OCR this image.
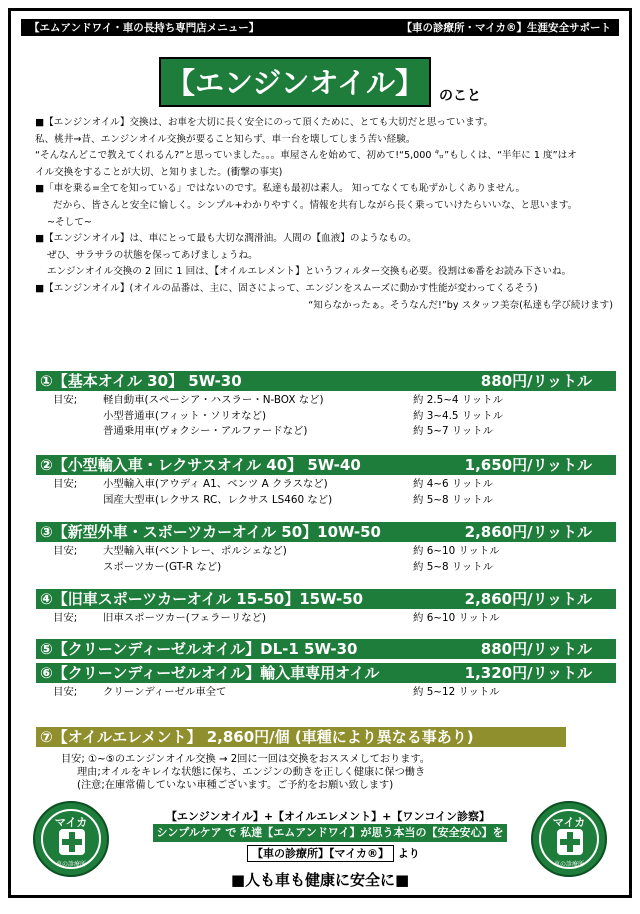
【エムアンドワイ・車の長持ち専門店メニュー】	【車の診療所・マイカ®】生涯安全サポート
【エンジンオイル】	のこと
■【エンジンオイル】交換は、お車を大切に長く安全にのって頂くために、とても大切だと思っています。
私、桃井→昔、エンジンオイル交換が要ること知らず、車一台を壊してしまう苦い経験。
“そんなんどこで教えてくれるん?”と思っていました。。。車屋さんを始めて、初めて!“5,000 ㌔”もしくは、“半年に 1 度”はオ
イル交換をすることが大切、と知りました。(衝撃の事実)
■「車を乗る=全てを知っている」ではないのです。私達も最初は素人。 知ってなくても恥ずかしくありません。
だから、皆さんと安全に愉しく。シンプル+わかりやすく。情報を共有しながら長く乗っていけたらいいな、と思います。
~そして~
■【エンジンオイル】は、車にとって最も大切な潤滑油。人間の【血液】のようなもの。
ぜひ、サラサラの状態を保ってあげましょうね。
エンジンオイル交換の 2 回に 1 回は、【オイルエレメント】というフィルター交換も必要。役割は⑥番をお読み下さいね。
■【エンジンオイル】(オイルの品番は、主に、固さによって、エンジンをスムーズに動かす性能が変わってくるそう)
“知らなかったぁ。そうなんだ!”by スタッフ美奈(私達も学び続けます)
①【基本オイル 30】 5W-30	880円/リットル
目安;	軽自動車(スペーシア・ハスラー・N-BOX など)	約 2.5~4 リットル
小型普通車(フィット・ソリオなど)	約 3~4.5 リットル
普通乗用車(ヴォクシー・アルファードなど)	約 5~7 リットル
②【小型輸入車・レクサスオイル 40】 5W-40	1,650円/リットル
目安;	小型輸入車(アウディ A1、ベンツ A クラスなど)	約 4~6 リットル
国産大型車(レクサス RC、レクサス LS460 など)	約 5~8 リットル
③【新型外車・スポーツカーオイル 50】10W-50	2,860円/リットル
目安;	大型輸入車(ベントレー、ポルシェなど)	約 6~10 リットル
スポーツカー(GT-R など)	約 5~8 リットル
④【旧車スポーツカーオイル 15-50】15W-50	2,860円/リットル
目安;	旧車スポーツカー(フェラーリなど)	約 6~10 リットル
⑤【クリーンディーゼルオイル】DL-1 5W-30	880円/リットル
⑥【クリーンディーゼルオイル】輸入車専用オイル	1,320円/リットル
目安;	クリーンディーゼル車全て	約 5~12 リットル
⑦【オイルエレメント】 2,860円/個 (車種により異なる事あり)
目安; ①~⑤のエンジンオイル交換 → 2回に一回は交換をおススメしております。
理由;オイルをキレイな状態に保ち、エンジンの動きを正しく健康に保つ働き
(注意;在庫常備していない車種ございます。ご予約をお願い致します)
マイカ
車の診療所
マイカ
車の診療所
【エンジンオイル】+【オイルエレメント】+【ワンコイン診察】
シンプルケア で 私達【エムアンドワイ】が思う本当の【安全安心】を
【車の診療所】【マイカ®】 より
■人も車も健康に安全に■
